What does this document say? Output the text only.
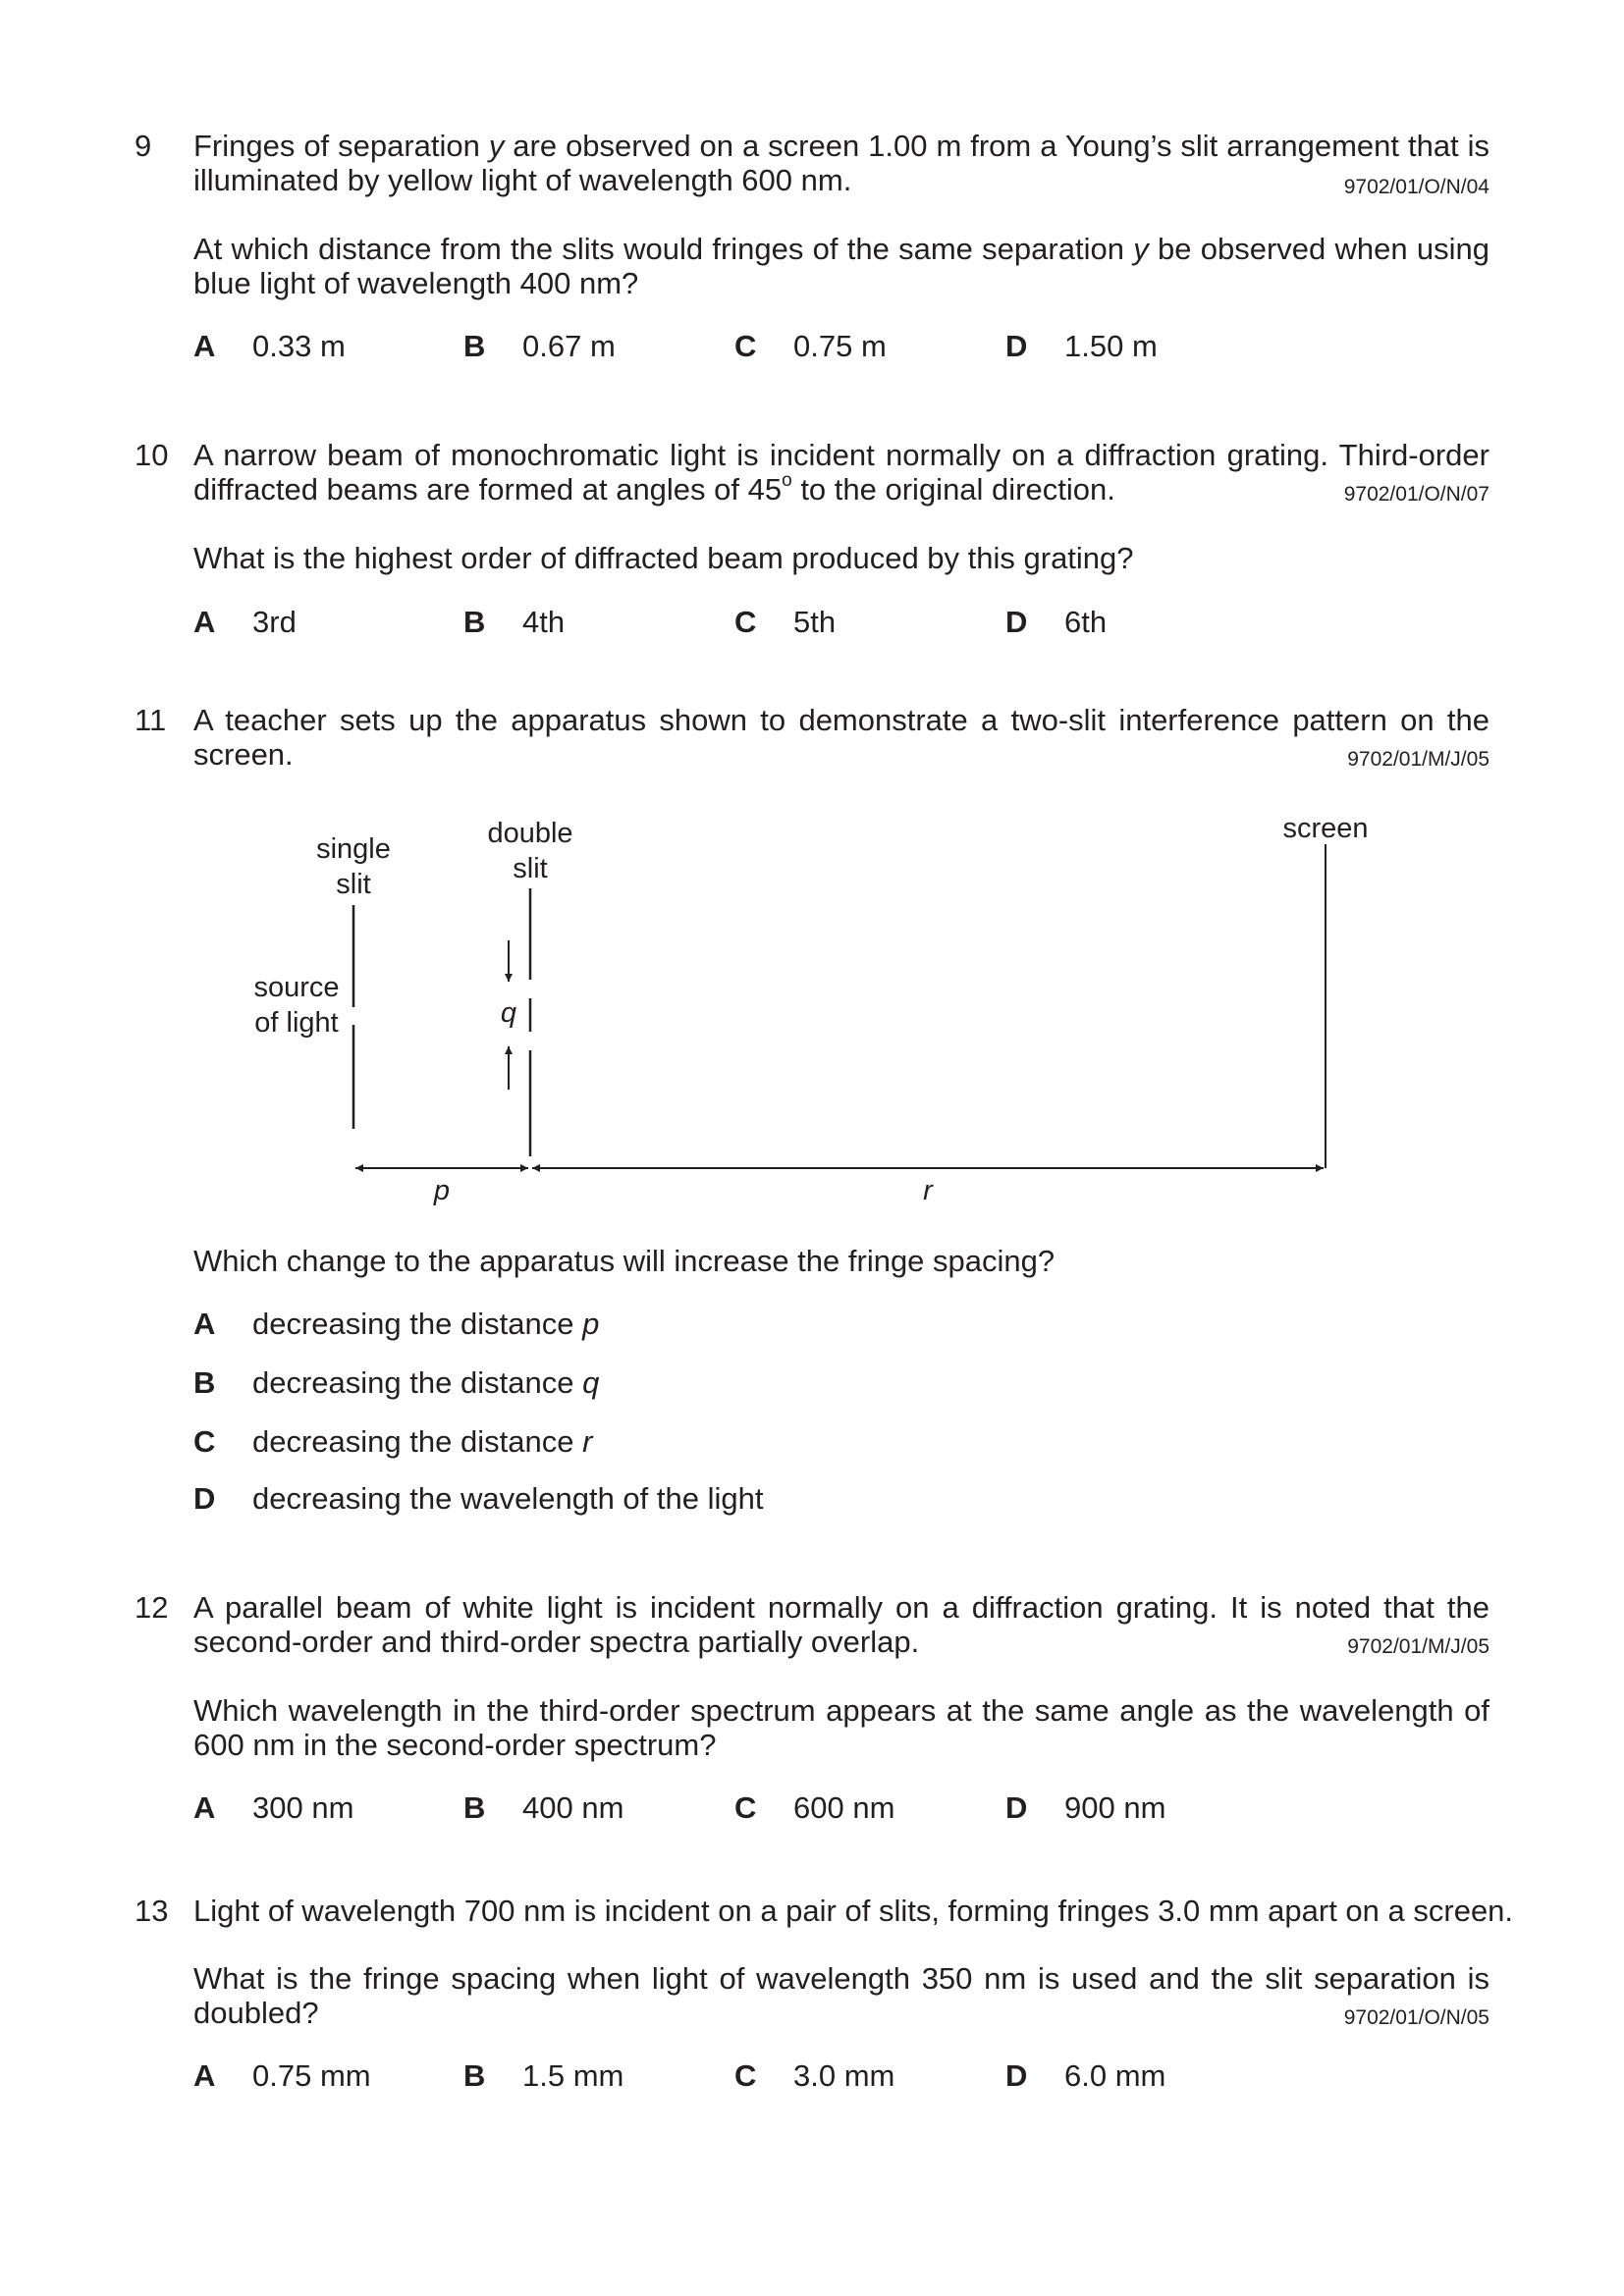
9	Fringes of separation y are observed on a screen 1.00 m from a Young’s slit arrangement that is illuminated by yellow light of wavelength 600 nm.	9702/01/O/N/04

At which distance from the slits would fringes of the same separation y be observed when using blue light of wavelength 400 nm?

A 0.33 m	B 0.67 m	C 0.75 m	D 1.50 m
10 A narrow beam of monochromatic light is incident normally on a diffraction grating. Third-order diffracted beams are formed at angles of 45$^o$ to the original direction.	9702/01/O/N/07

What is the highest order of diffracted beam produced by this grating?

A 3rd	B 4th	C 5th	D 6th
11 A teacher sets up the apparatus shown to demonstrate a two-slit interference pattern on the screen.	9702/01/M/J/05
single
slit
double
slit
screen
source
of light	q
p	r

Which change to the apparatus will increase the fringe spacing?

A decreasing the distance p
B decreasing the distance q
C decreasing the distance r
D decreasing the wavelength of the light
12 A parallel beam of white light is incident normally on a diffraction grating. It is noted that the second-order and third-order spectra partially overlap.	9702/01/M/J/05

Which wavelength in the third-order spectrum appears at the same angle as the wavelength of 600 nm in the second-order spectrum?

A 300 nm	B 400 nm	C 600 nm	D 900 nm
13 Light of wavelength 700 nm is incident on a pair of slits, forming fringes 3.0 mm apart on a screen.

What is the fringe spacing when light of wavelength 350 nm is used and the slit separation is doubled?	9702/01/O/N/05
A 0.75 mm	B 1.5 mm	C 3.0 mm	D 6.0 mm
